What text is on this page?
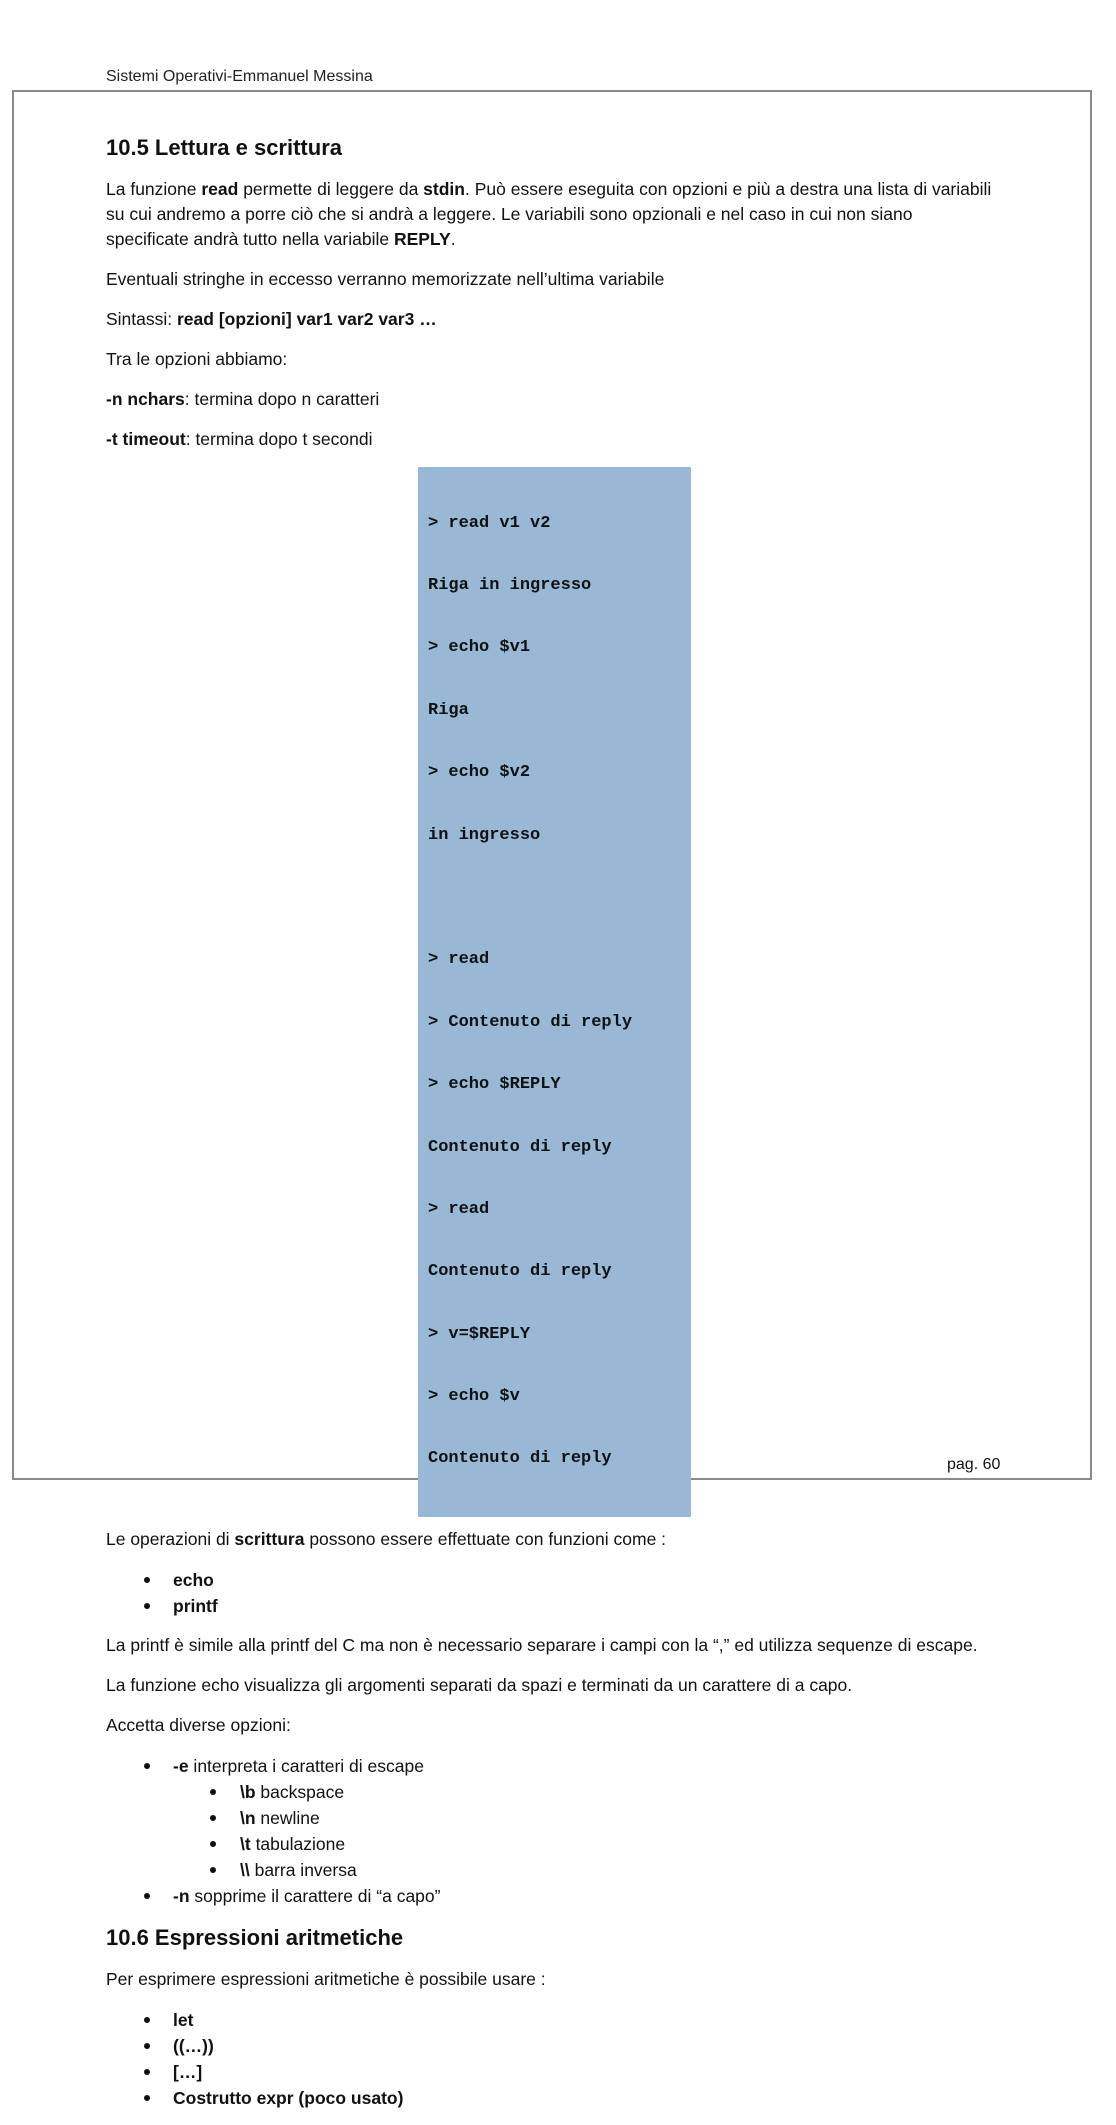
Sistemi Operativi-Emmanuel Messina
10.5 Lettura e scrittura

La funzione read permette di leggere da stdin. Può essere eseguita con opzioni e più a destra una lista di variabili su cui andremo a porre ciò che si andrà a leggere. Le variabili sono opzionali e nel caso in cui non siano specificate andrà tutto nella variabile REPLY.

Eventuali stringhe in eccesso verranno memorizzate nell’ultima variabile

Sintassi: read [opzioni] var1 var2 var3 …

Tra le opzioni abbiamo:

-n nchars: termina dopo n caratteri

-t timeout: termina dopo t secondi

> read v1 v2

Riga in ingresso

> echo $v1

Riga

> echo $v2

in ingresso

> read

> Contenuto di reply

> echo $REPLY

Contenuto di reply

> read

Contenuto di reply

> v=$REPLY

> echo $v

Contenuto di reply

Le operazioni di scrittura possono essere effettuate con funzioni come :

echo
printf

La printf è simile alla printf del C ma non è necessario separare i campi con la “,” ed utilizza sequenze di escape.

La funzione echo visualizza gli argomenti separati da spazi e terminati da un carattere di a capo.

Accetta diverse opzioni:

-e interpreta i caratteri di escape
\b backspace
\n newline
\t tabulazione
\\ barra inversa
-n sopprime il carattere di “a capo”
10.6 Espressioni aritmetiche

Per esprimere espressioni aritmetiche è possibile usare :

let
((…))
[…]
Costrutto expr (poco usato)
pag. 60
